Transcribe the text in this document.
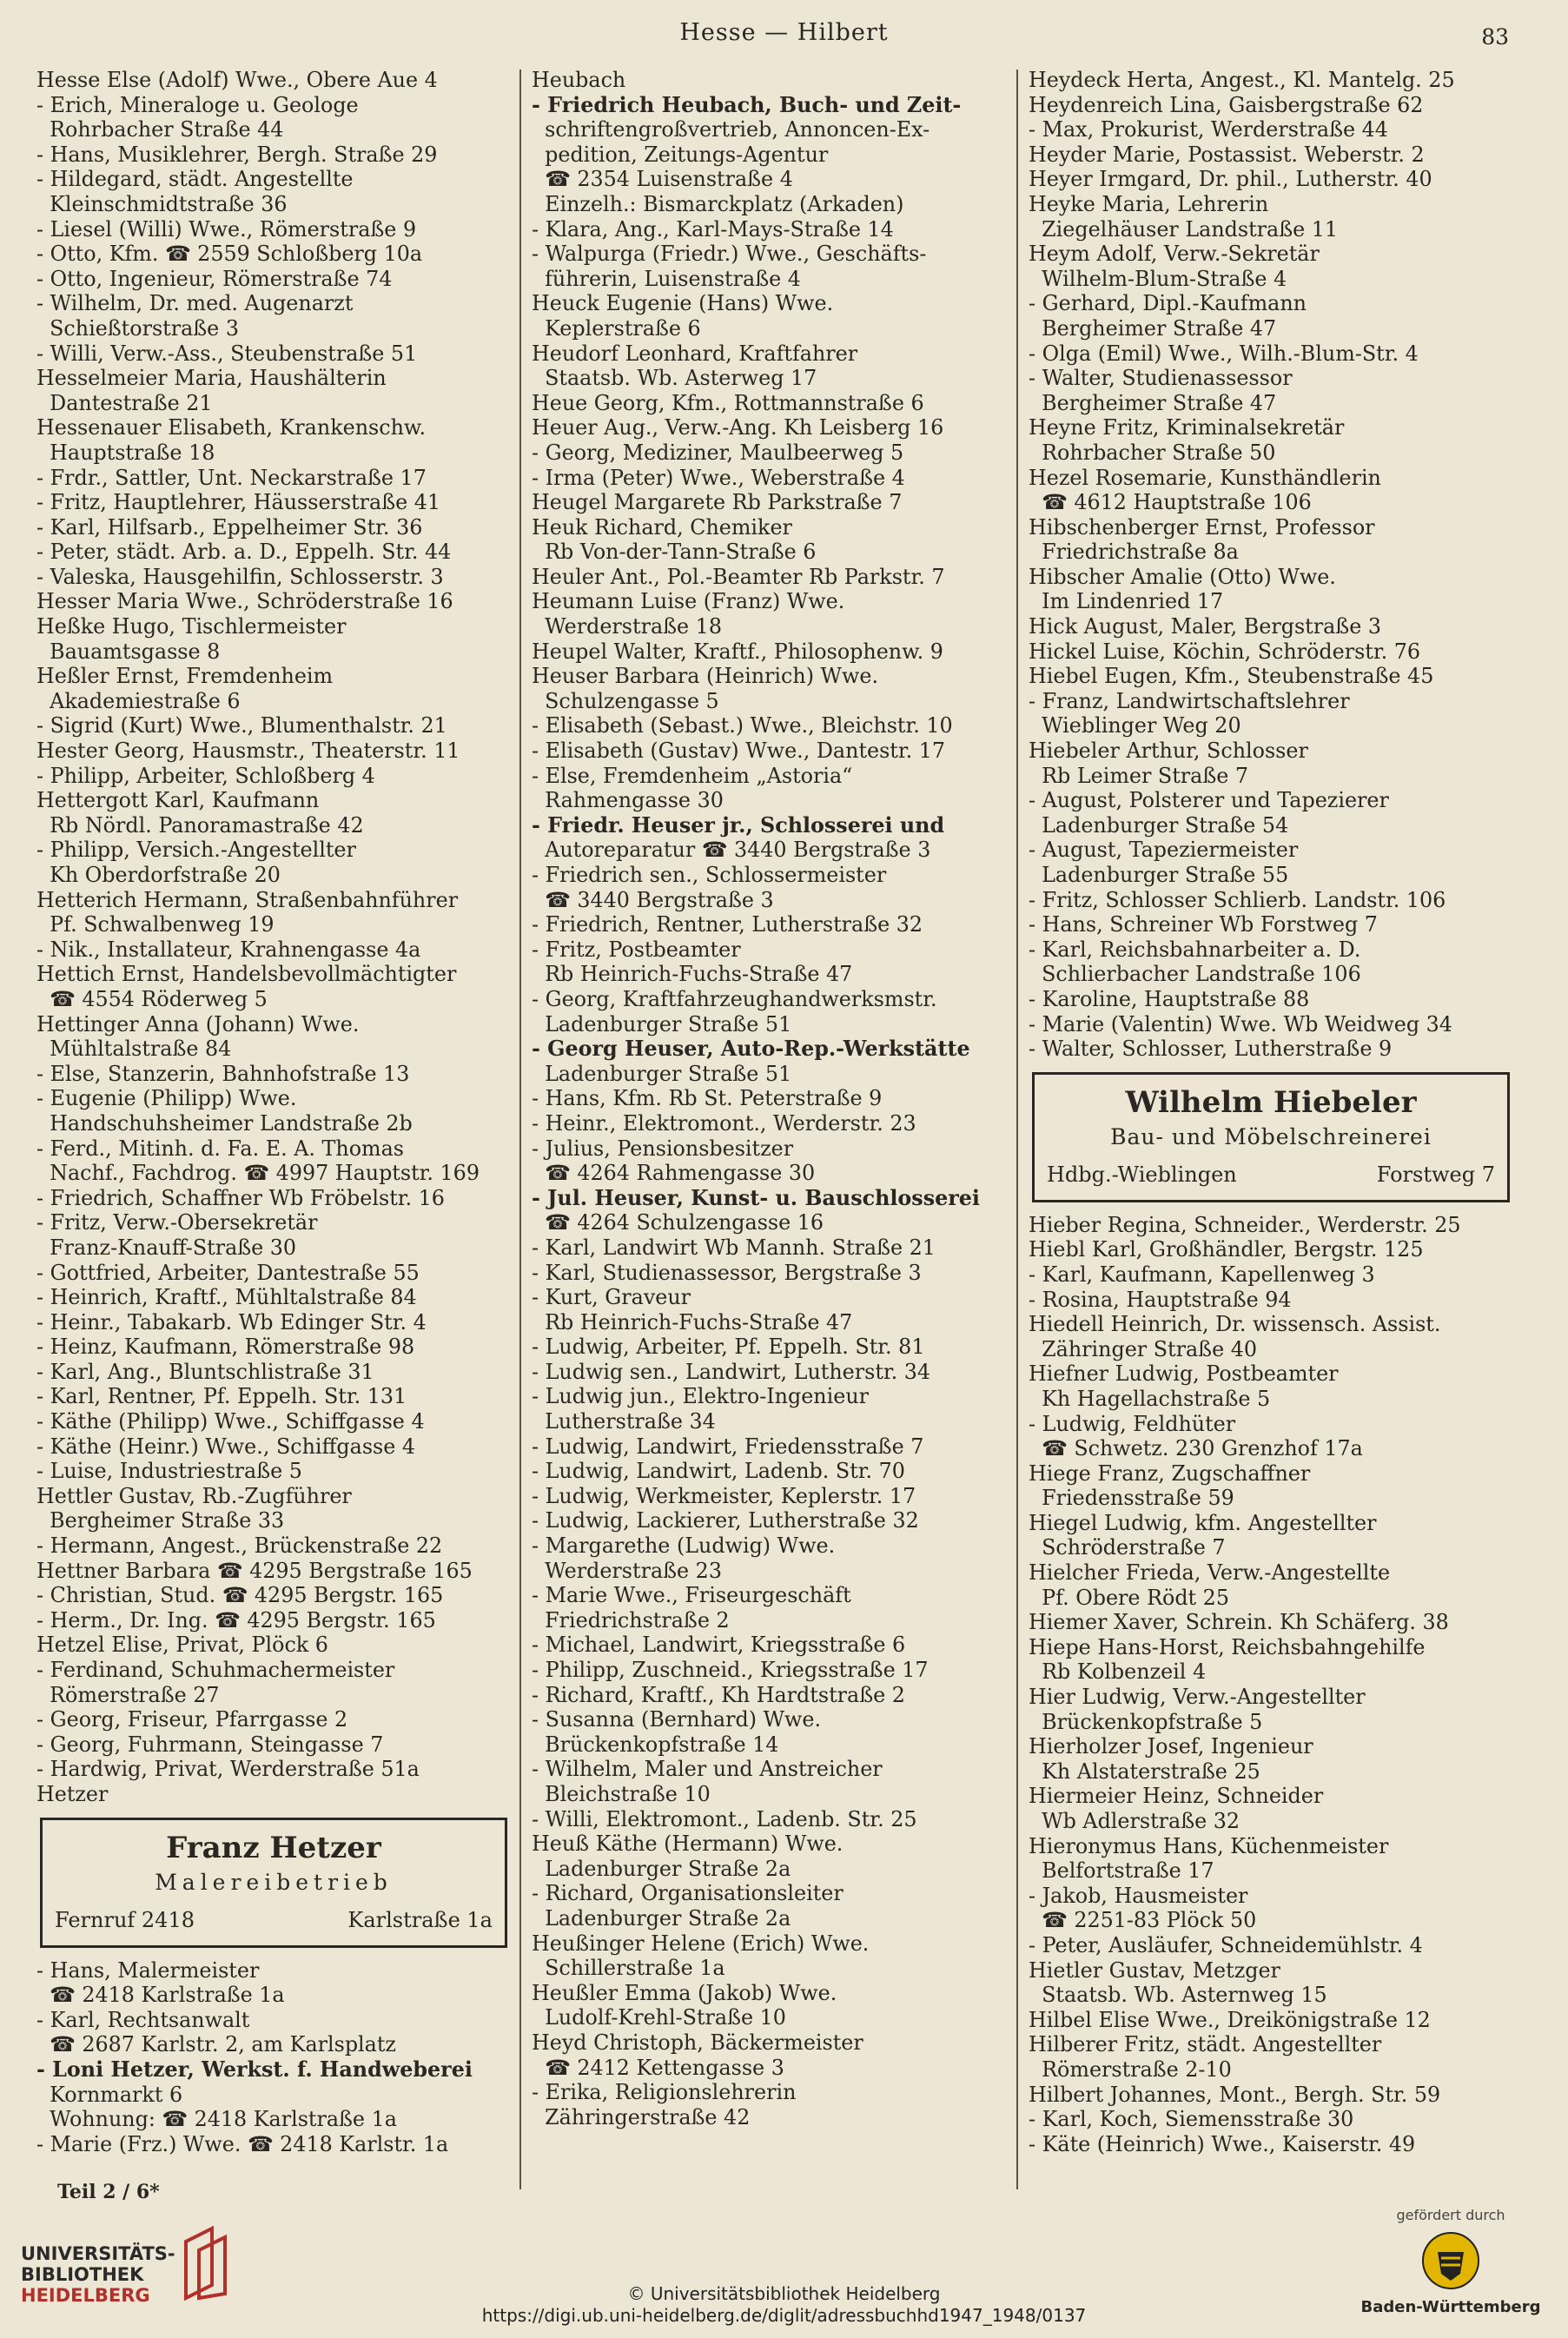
Hesse — Hilbert	83
Hesse Else (Adolf) Wwe., Obere Aue 4
- Erich, Mineraloge u. Geologe
Rohrbacher Straße 44
- Hans, Musiklehrer, Bergh. Straße 29
- Hildegard, städt. Angestellte
Kleinschmidtstraße 36
- Liesel (Willi) Wwe., Römerstraße 9
- Otto, Kfm. ☎ 2559 Schloßberg 10a
- Otto, Ingenieur, Römerstraße 74
- Wilhelm, Dr. med. Augenarzt
Schießtorstraße 3
- Willi, Verw.-Ass., Steubenstraße 51
Hesselmeier Maria, Haushälterin
Dantestraße 21
Hessenauer Elisabeth, Krankenschw.
Hauptstraße 18
- Frdr., Sattler, Unt. Neckarstraße 17
- Fritz, Hauptlehrer, Häusserstraße 41
- Karl, Hilfsarb., Eppelheimer Str. 36
- Peter, städt. Arb. a. D., Eppelh. Str. 44
- Valeska, Hausgehilfin, Schlosserstr. 3
Hesser Maria Wwe., Schröderstraße 16
Heßke Hugo, Tischlermeister
Bauamtsgasse 8
Heßler Ernst, Fremdenheim
Akademiestraße 6
- Sigrid (Kurt) Wwe., Blumenthalstr. 21
Hester Georg, Hausmstr., Theaterstr. 11
- Philipp, Arbeiter, Schloßberg 4
Hettergott Karl, Kaufmann
Rb Nördl. Panoramastraße 42
- Philipp, Versich.-Angestellter
Kh Oberdorfstraße 20
Hetterich Hermann, Straßenbahnführer
Pf. Schwalbenweg 19
- Nik., Installateur, Krahnengasse 4a
Hettich Ernst, Handelsbevollmächtigter
☎ 4554 Röderweg 5
Hettinger Anna (Johann) Wwe.
Mühltalstraße 84
- Else, Stanzerin, Bahnhofstraße 13
- Eugenie (Philipp) Wwe.
Handschuhsheimer Landstraße 2b
- Ferd., Mitinh. d. Fa. E. A. Thomas
Nachf., Fachdrog. ☎ 4997 Hauptstr. 169
- Friedrich, Schaffner Wb Fröbelstr. 16
- Fritz, Verw.-Obersekretär
Franz-Knauff-Straße 30
- Gottfried, Arbeiter, Dantestraße 55
- Heinrich, Kraftf., Mühltalstraße 84
- Heinr., Tabakarb. Wb Edinger Str. 4
- Heinz, Kaufmann, Römerstraße 98
- Karl, Ang., Bluntschlistraße 31
- Karl, Rentner, Pf. Eppelh. Str. 131
- Käthe (Philipp) Wwe., Schiffgasse 4
- Käthe (Heinr.) Wwe., Schiffgasse 4
- Luise, Industriestraße 5
Hettler Gustav, Rb.-Zugführer
Bergheimer Straße 33
- Hermann, Angest., Brückenstraße 22
Hettner Barbara ☎ 4295 Bergstraße 165
- Christian, Stud. ☎ 4295 Bergstr. 165
- Herm., Dr. Ing. ☎ 4295 Bergstr. 165
Hetzel Elise, Privat, Plöck 6
- Ferdinand, Schuhmachermeister
Römerstraße 27
- Georg, Friseur, Pfarrgasse 2
- Georg, Fuhrmann, Steingasse 7
- Hardwig, Privat, Werderstraße 51a
Hetzer
Franz Hetzer
Malereibetrieb
Fernruf 2418	Karlstraße 1a
- Hans, Malermeister
☎ 2418 Karlstraße 1a
- Karl, Rechtsanwalt
☎ 2687 Karlstr. 2, am Karlsplatz
- Loni Hetzer, Werkst. f. Handweberei
Kornmarkt 6
Wohnung: ☎ 2418 Karlstraße 1a
- Marie (Frz.) Wwe. ☎ 2418 Karlstr. 1a
Heubach
- Friedrich Heubach, Buch- und Zeit-
schriftengroßvertrieb, Annoncen-Ex-
pedition, Zeitungs-Agentur
☎ 2354 Luisenstraße 4
Einzelh.: Bismarckplatz (Arkaden)
- Klara, Ang., Karl-Mays-Straße 14
- Walpurga (Friedr.) Wwe., Geschäfts-
führerin, Luisenstraße 4
Heuck Eugenie (Hans) Wwe.
Keplerstraße 6
Heudorf Leonhard, Kraftfahrer
Staatsb. Wb. Asterweg 17
Heue Georg, Kfm., Rottmannstraße 6
Heuer Aug., Verw.-Ang. Kh Leisberg 16
- Georg, Mediziner, Maulbeerweg 5
- Irma (Peter) Wwe., Weberstraße 4
Heugel Margarete Rb Parkstraße 7
Heuk Richard, Chemiker
Rb Von-der-Tann-Straße 6
Heuler Ant., Pol.-Beamter Rb Parkstr. 7
Heumann Luise (Franz) Wwe.
Werderstraße 18
Heupel Walter, Kraftf., Philosophenw. 9
Heuser Barbara (Heinrich) Wwe.
Schulzengasse 5
- Elisabeth (Sebast.) Wwe., Bleichstr. 10
- Elisabeth (Gustav) Wwe., Dantestr. 17
- Else, Fremdenheim „Astoria“
Rahmengasse 30
- Friedr. Heuser jr., Schlosserei und
Autoreparatur ☎ 3440 Bergstraße 3
- Friedrich sen., Schlossermeister
☎ 3440 Bergstraße 3
- Friedrich, Rentner, Lutherstraße 32
- Fritz, Postbeamter
Rb Heinrich-Fuchs-Straße 47
- Georg, Kraftfahrzeughandwerksmstr.
Ladenburger Straße 51
- Georg Heuser, Auto-Rep.-Werkstätte
Ladenburger Straße 51
- Hans, Kfm. Rb St. Peterstraße 9
- Heinr., Elektromont., Werderstr. 23
- Julius, Pensionsbesitzer
☎ 4264 Rahmengasse 30
- Jul. Heuser, Kunst- u. Bauschlosserei
☎ 4264 Schulzengasse 16
- Karl, Landwirt Wb Mannh. Straße 21
- Karl, Studienassessor, Bergstraße 3
- Kurt, Graveur
Rb Heinrich-Fuchs-Straße 47
- Ludwig, Arbeiter, Pf. Eppelh. Str. 81
- Ludwig sen., Landwirt, Lutherstr. 34
- Ludwig jun., Elektro-Ingenieur
Lutherstraße 34
- Ludwig, Landwirt, Friedensstraße 7
- Ludwig, Landwirt, Ladenb. Str. 70
- Ludwig, Werkmeister, Keplerstr. 17
- Ludwig, Lackierer, Lutherstraße 32
- Margarethe (Ludwig) Wwe.
Werderstraße 23
- Marie Wwe., Friseurgeschäft
Friedrichstraße 2
- Michael, Landwirt, Kriegsstraße 6
- Philipp, Zuschneid., Kriegsstraße 17
- Richard, Kraftf., Kh Hardtstraße 2
- Susanna (Bernhard) Wwe.
Brückenkopfstraße 14
- Wilhelm, Maler und Anstreicher
Bleichstraße 10
- Willi, Elektromont., Ladenb. Str. 25
Heuß Käthe (Hermann) Wwe.
Ladenburger Straße 2a
- Richard, Organisationsleiter
Ladenburger Straße 2a
Heußinger Helene (Erich) Wwe.
Schillerstraße 1a
Heußler Emma (Jakob) Wwe.
Ludolf-Krehl-Straße 10
Heyd Christoph, Bäckermeister
☎ 2412 Kettengasse 3
- Erika, Religionslehrerin
Zähringerstraße 42
Heydeck Herta, Angest., Kl. Mantelg. 25
Heydenreich Lina, Gaisbergstraße 62
- Max, Prokurist, Werderstraße 44
Heyder Marie, Postassist. Weberstr. 2
Heyer Irmgard, Dr. phil., Lutherstr. 40
Heyke Maria, Lehrerin
Ziegelhäuser Landstraße 11
Heym Adolf, Verw.-Sekretär
Wilhelm-Blum-Straße 4
- Gerhard, Dipl.-Kaufmann
Bergheimer Straße 47
- Olga (Emil) Wwe., Wilh.-Blum-Str. 4
- Walter, Studienassessor
Bergheimer Straße 47
Heyne Fritz, Kriminalsekretär
Rohrbacher Straße 50
Hezel Rosemarie, Kunsthändlerin
☎ 4612 Hauptstraße 106
Hibschenberger Ernst, Professor
Friedrichstraße 8a
Hibscher Amalie (Otto) Wwe.
Im Lindenried 17
Hick August, Maler, Bergstraße 3
Hickel Luise, Köchin, Schröderstr. 76
Hiebel Eugen, Kfm., Steubenstraße 45
- Franz, Landwirtschaftslehrer
Wieblinger Weg 20
Hiebeler Arthur, Schlosser
Rb Leimer Straße 7
- August, Polsterer und Tapezierer
Ladenburger Straße 54
- August, Tapeziermeister
Ladenburger Straße 55
- Fritz, Schlosser Schlierb. Landstr. 106
- Hans, Schreiner Wb Forstweg 7
- Karl, Reichsbahnarbeiter a. D.
Schlierbacher Landstraße 106
- Karoline, Hauptstraße 88
- Marie (Valentin) Wwe. Wb Weidweg 34
- Walter, Schlosser, Lutherstraße 9
Wilhelm Hiebeler
Bau- und Möbelschreinerei
Hdbg.-Wieblingen	Forstweg 7
Hieber Regina, Schneider., Werderstr. 25
Hiebl Karl, Großhändler, Bergstr. 125
- Karl, Kaufmann, Kapellenweg 3
- Rosina, Hauptstraße 94
Hiedell Heinrich, Dr. wissensch. Assist.
Zähringer Straße 40
Hiefner Ludwig, Postbeamter
Kh Hagellachstraße 5
- Ludwig, Feldhüter
☎ Schwetz. 230 Grenzhof 17a
Hiege Franz, Zugschaffner
Friedensstraße 59
Hiegel Ludwig, kfm. Angestellter
Schröderstraße 7
Hielcher Frieda, Verw.-Angestellte
Pf. Obere Rödt 25
Hiemer Xaver, Schrein. Kh Schäferg. 38
Hiepe Hans-Horst, Reichsbahngehilfe
Rb Kolbenzeil 4
Hier Ludwig, Verw.-Angestellter
Brückenkopfstraße 5
Hierholzer Josef, Ingenieur
Kh Alstaterstraße 25
Hiermeier Heinz, Schneider
Wb Adlerstraße 32
Hieronymus Hans, Küchenmeister
Belfortstraße 17
- Jakob, Hausmeister
☎ 2251-83 Plöck 50
- Peter, Ausläufer, Schneidemühlstr. 4
Hietler Gustav, Metzger
Staatsb. Wb. Asternweg 15
Hilbel Elise Wwe., Dreikönigstraße 12
Hilberer Fritz, städt. Angestellter
Römerstraße 2-10
Hilbert Johannes, Mont., Bergh. Str. 59
- Karl, Koch, Siemensstraße 30
- Käte (Heinrich) Wwe., Kaiserstr. 49
Teil 2 / 6*
UNIVERSITÄTS-
BIBLIOTHEK
HEIDELBERG	© Universitätsbibliothek Heidelberg
https://digi.ub.uni-heidelberg.de/diglit/adressbuchhd1947_1948/0137
gefördert durch
Baden-Württemberg
